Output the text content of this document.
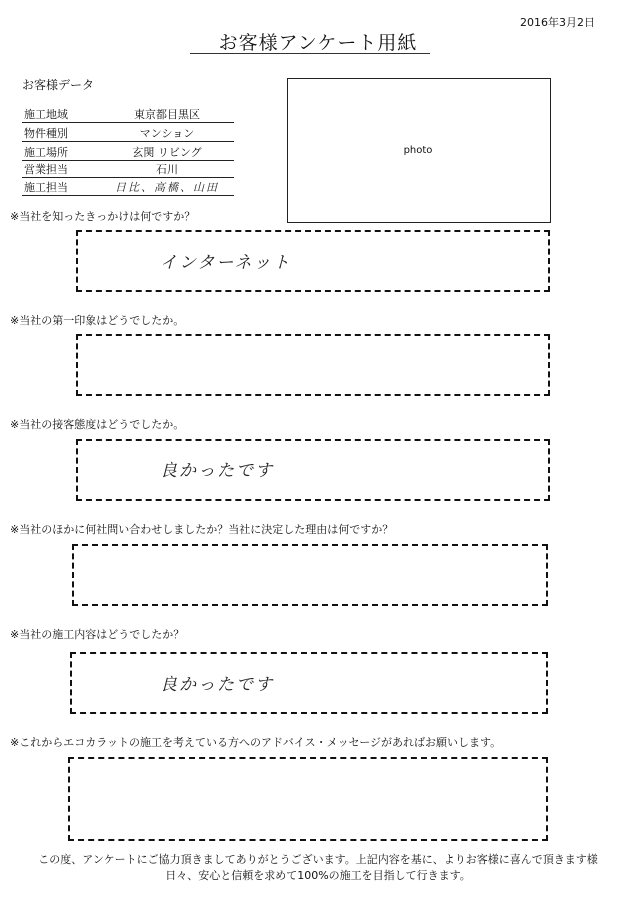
2016年3月2日
お客様アンケート用紙
お客様データ
施工地域	東京都目黒区
物件種別	マンション
施工場所	玄関 リビング
営業担当	石川
施工担当	日比、高橋、山田
photo
※当社を知ったきっかけは何ですか？
インターネット
※当社の第一印象はどうでしたか。
※当社の接客態度はどうでしたか。
良かったです
※当社のほかに何社問い合わせしましたか？当社に決定した理由は何ですか？
※当社の施工内容はどうでしたか？
良かったです
※これからエコカラットの施工を考えている方へのアドバイス・メッセージがあればお願いします。
この度、アンケートにご協力頂きましてありがとうございます。上記内容を基に、よりお客様に喜んで頂きます様
日々、安心と信頼を求めて100%の施工を目指して行きます。
